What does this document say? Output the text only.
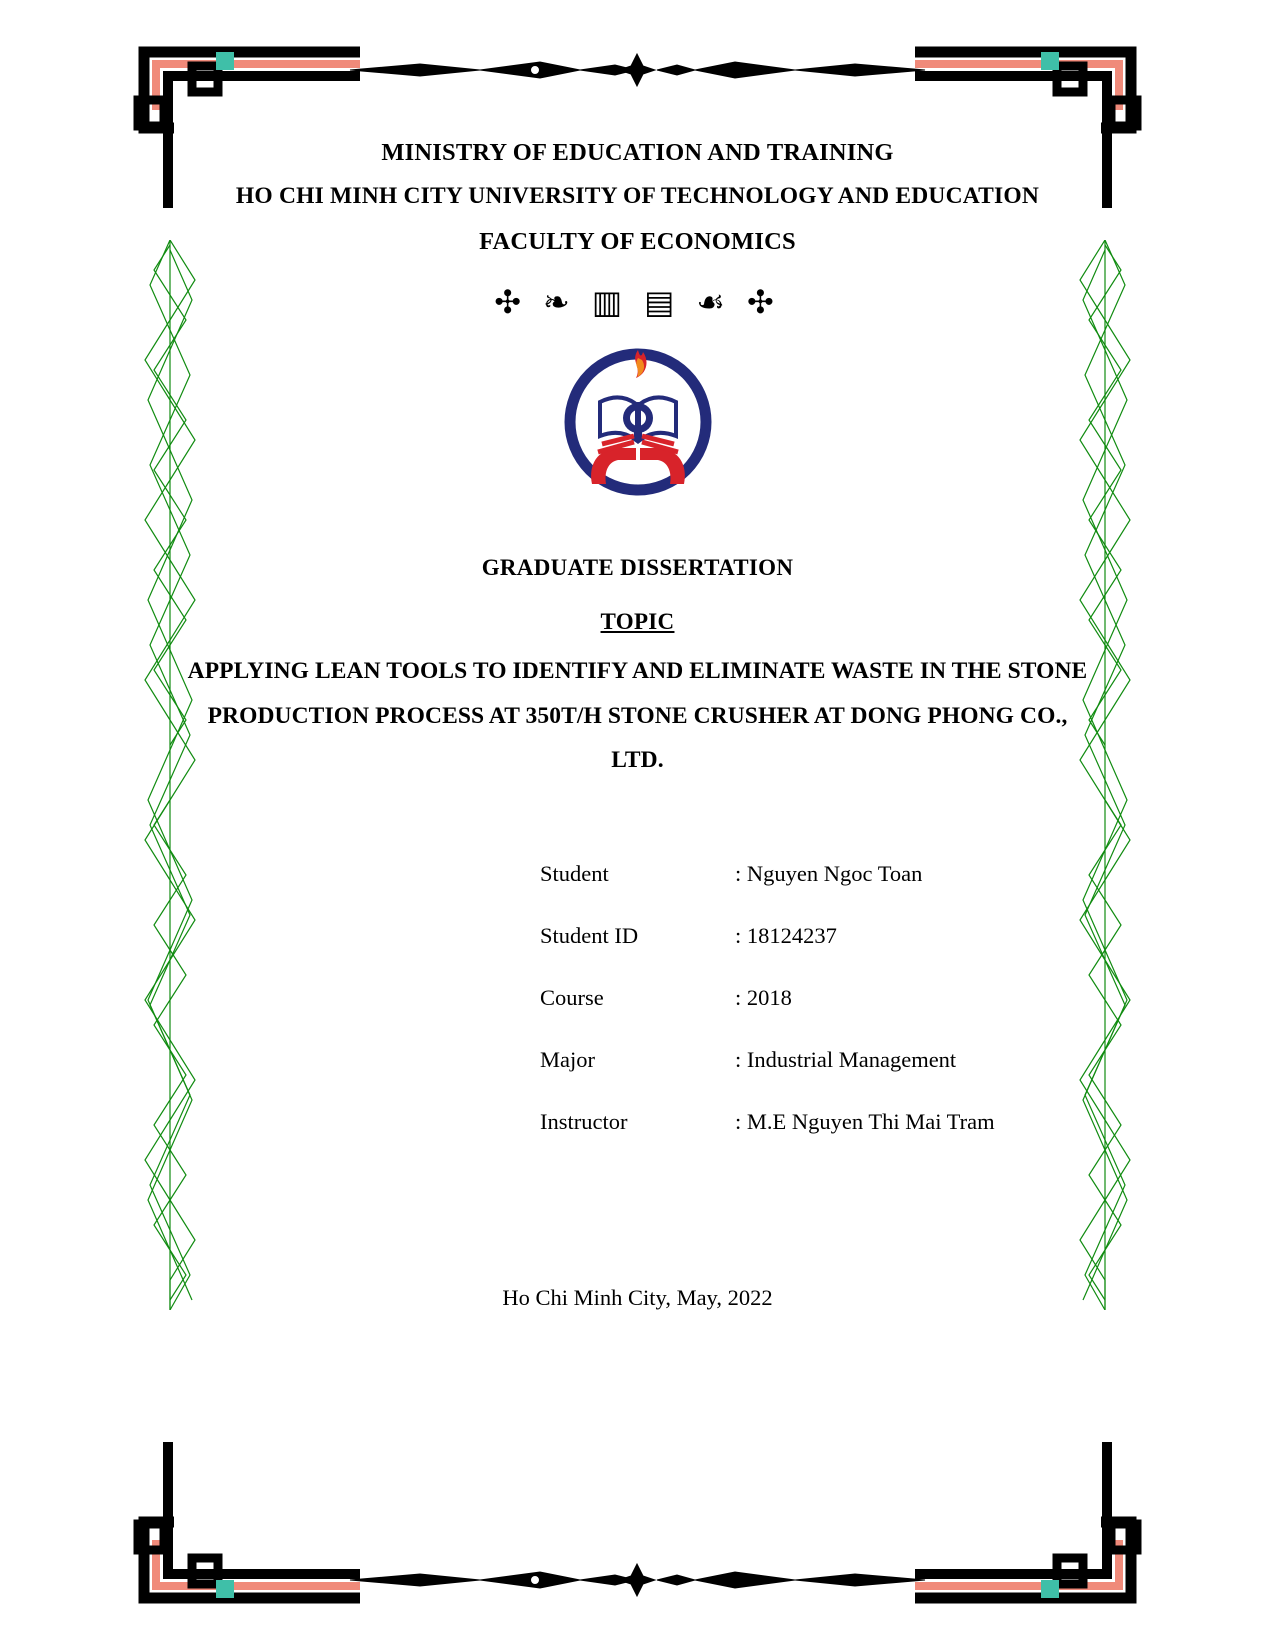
MINISTRY OF EDUCATION AND TRAINING
HO CHI MINH CITY UNIVERSITY OF TECHNOLOGY AND EDUCATION
FACULTY OF ECONOMICS
✣ ❧ ▥ ▤ ☙ ✣
GRADUATE DISSERTATION
TOPIC
APPLYING LEAN TOOLS TO IDENTIFY AND ELIMINATE WASTE IN THE STONE PRODUCTION PROCESS AT 350T/H STONE CRUSHER AT DONG PHONG CO., LTD.
Student	: Nguyen Ngoc Toan
Student ID	: 18124237
Course	: 2018
Major	: Industrial Management
Instructor	: M.E Nguyen Thi Mai Tram
Ho Chi Minh City, May, 2022
